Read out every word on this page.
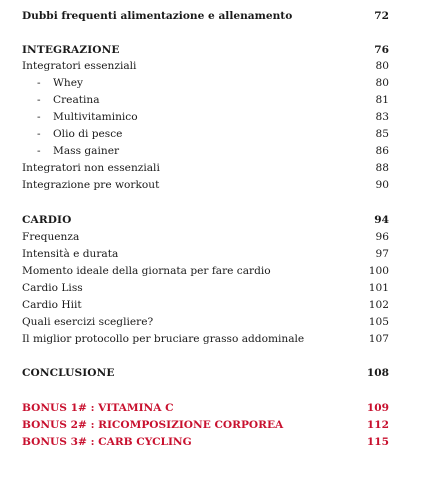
Dubbi frequenti alimentazione e allenamento	72
INTEGRAZIONE	76
Integratori essenziali	80
- Whey	80
- Creatina	81
- Multivitaminico	83
- Olio di pesce	85
- Mass gainer	86
Integratori non essenziali	88
Integrazione pre workout	90
CARDIO	94
Frequenza	96
Intensità e durata	97
Momento ideale della giornata per fare cardio	100
Cardio Liss	101
Cardio Hiit	102
Quali esercizi scegliere?	105
Il miglior protocollo per bruciare grasso addominale	107
CONCLUSIONE	108
BONUS 1# : VITAMINA C	109
BONUS 2# : RICOMPOSIZIONE CORPOREA	112
BONUS 3# : CARB CYCLING	115
